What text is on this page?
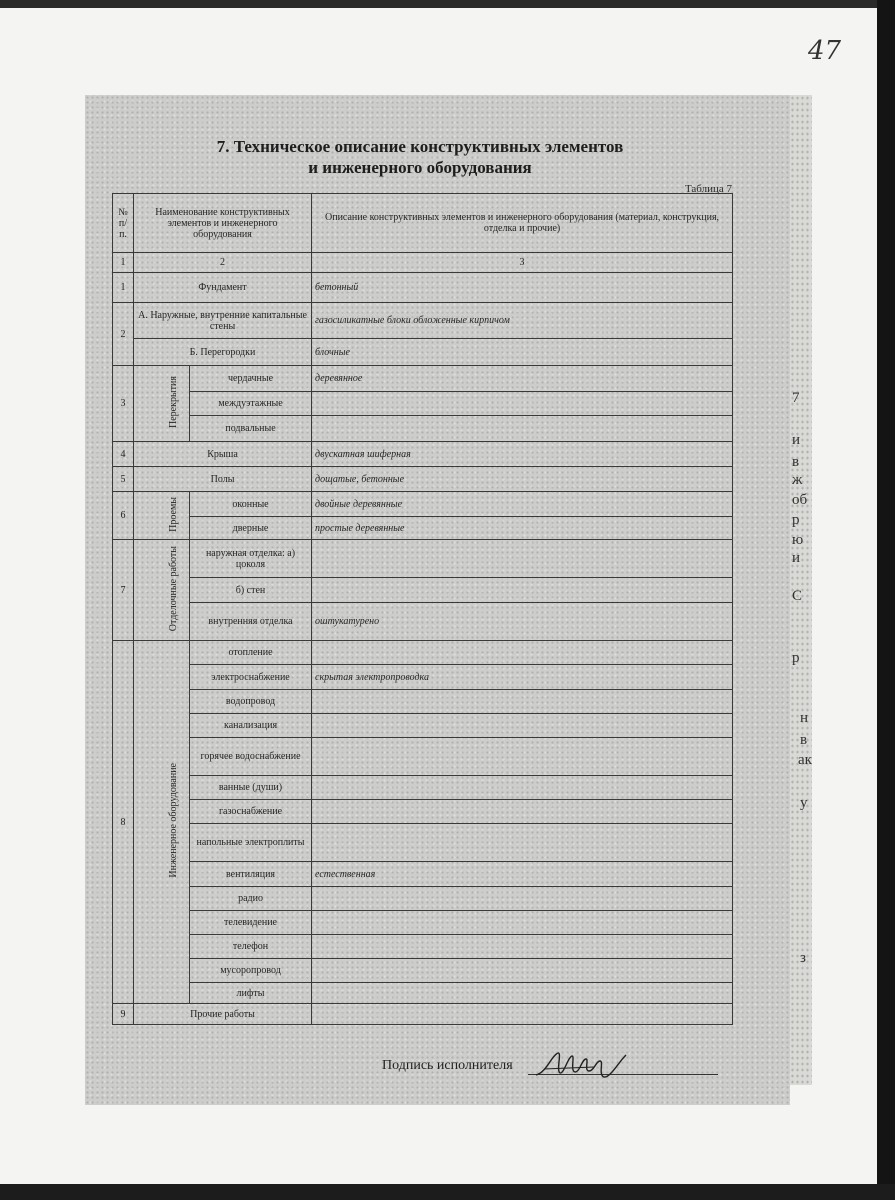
47
7
и
в
ж
об
р
ю
и
С
р
н
в
ак
у
з
7. Техническое описание конструктивных элементов
и инженерного оборудования
Таблица 7
№ п/п.	Наименование конструктивных элементов и инженерного оборудования			Описание конструктивных элементов и инженерного оборудования (материал, конструкция, отделка и прочие)
1	2			3
1	Фундамент			бетонный
2	А. Наружные, внутренние капитальные стены			газосиликатные блоки обложенные кирпичом
	Б. Перегородки			блочные
3		Перекрытия	чердачные	деревянное
			междуэтажные	
			подвальные	
4	Крыша			двускатная шиферная
5	Полы			дощатые, бетонные
6		Проемы	оконные	двойные деревянные
			дверные	простые деревянные
7		Отделочные работы	наружная отделка: а) цоколя	
			б) стен	
			внутренняя отделка	оштукатурено
8		Инженерное оборудование	отопление	
			электроснабжение	скрытая электропроводка
			водопровод	
			канализация	
			горячее водоснабжение	
			ванные (души)	
			газоснабжение	
			напольные электроплиты	
			вентиляция	естественная
			радио	
			телевидение	
			телефон	
			мусоропровод	
			лифты	
9	Прочие работы			
Подпись исполнителя
